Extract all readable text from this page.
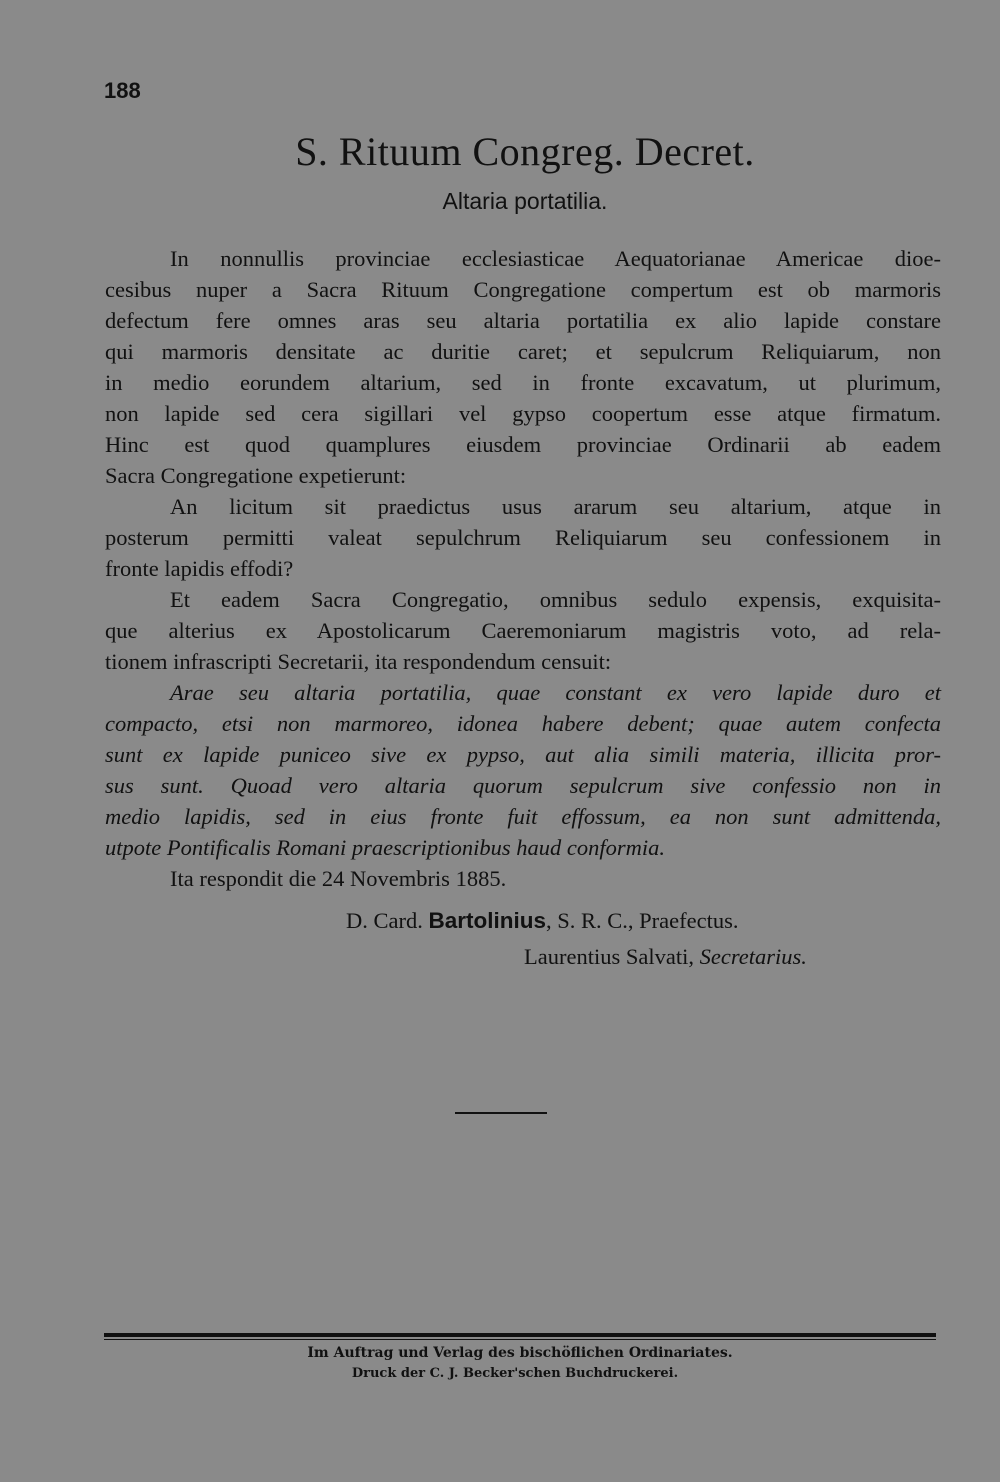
188
S. Rituum Congreg. Decret.
Altaria portatilia.
In nonnullis provinciae ecclesiasticae Aequatorianae Americae dioe-
cesibus nuper a Sacra Rituum Congregatione compertum est ob marmoris
defectum fere omnes aras seu altaria portatilia ex alio lapide constare
qui marmoris densitate ac duritie caret; et sepulcrum Reliquiarum, non
in medio eorundem altarium, sed in fronte excavatum, ut plurimum,
non lapide sed cera sigillari vel gypso coopertum esse atque firmatum.
Hinc est quod quamplures eiusdem provinciae Ordinarii ab eadem
Sacra Congregatione expetierunt:
An licitum sit praedictus usus ararum seu altarium, atque in
posterum permitti valeat sepulchrum Reliquiarum seu confessionem in
fronte lapidis effodi?
Et eadem Sacra Congregatio, omnibus sedulo expensis, exquisita-
que alterius ex Apostolicarum Caeremoniarum magistris voto, ad rela-
tionem infrascripti Secretarii, ita respondendum censuit:
Arae seu altaria portatilia, quae constant ex vero lapide duro et
compacto, etsi non marmoreo, idonea habere debent; quae autem confecta
sunt ex lapide puniceo sive ex pypso, aut alia simili materia, illicita pror-
sus sunt. Quoad vero altaria quorum sepulcrum sive confessio non in
medio lapidis, sed in eius fronte fuit effossum, ea non sunt admittenda,
utpote Pontificalis Romani praescriptionibus haud conformia.
Ita respondit die 24 Novembris 1885.
D. Card. Bartolinius, S. R. C., Praefectus.
Laurentius Salvati, Secretarius.
Im Auftrag und Verlag des bischöflichen Ordinariates.
Druck der C. J. Becker'schen Buchdruckerei.
